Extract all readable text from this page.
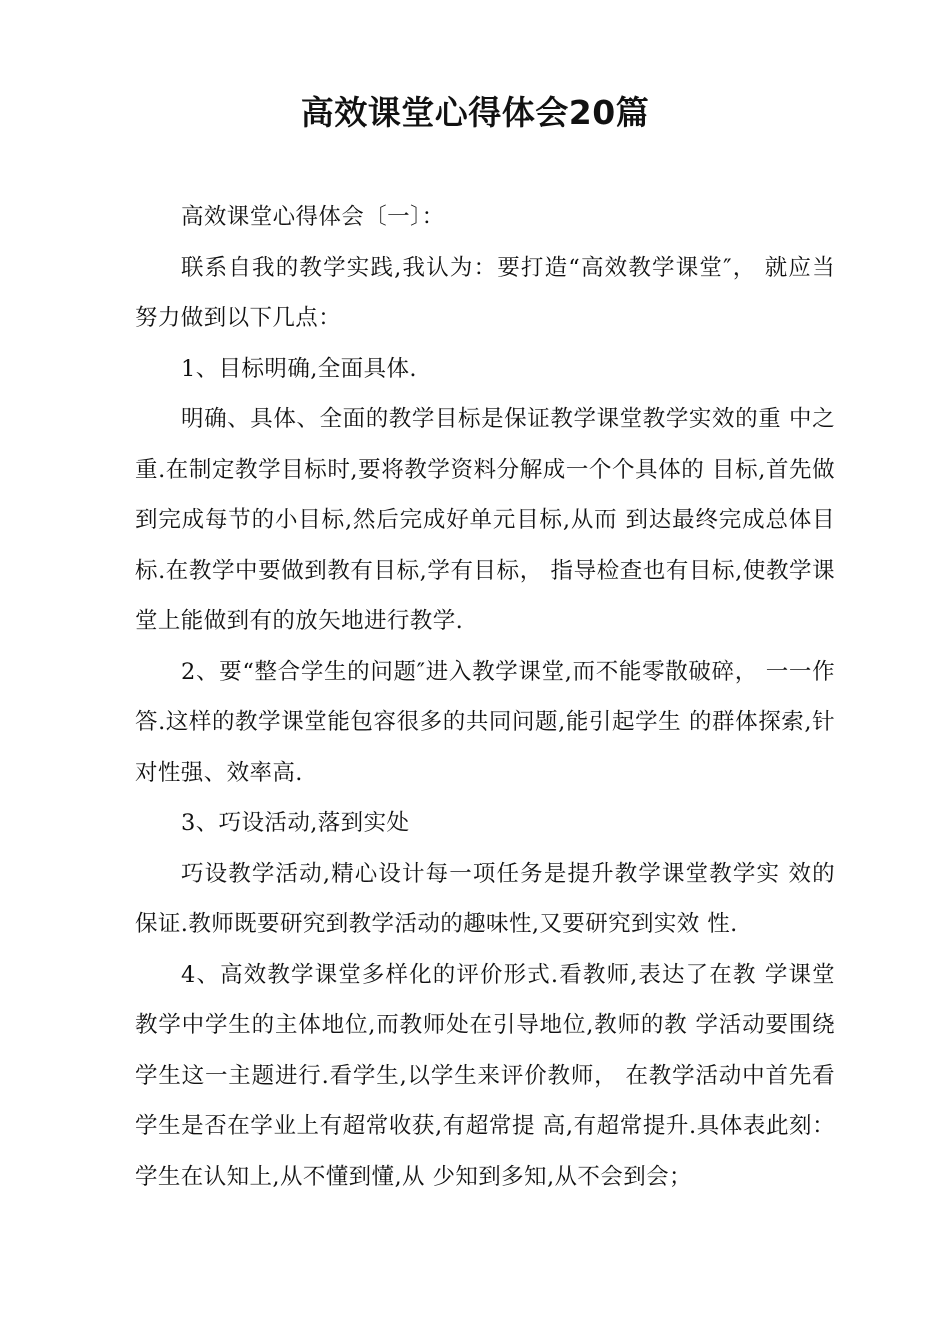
高效课堂心得体会20篇

高效课堂心得体会〔一〕：

联系自我的教学实践,我认为：要打造“高效教学课堂″， 就应当努力做到以下几点：

1、目标明确,全面具体.

明确、具体、全面的教学目标是保证教学课堂教学实效的重 中之重.在制定教学目标时,要将教学资料分解成一个个具体的 目标,首先做到完成每节的小目标,然后完成好单元目标,从而 到达最终完成总体目标.在教学中要做到教有目标,学有目标， 指导检查也有目标,使教学课堂上能做到有的放矢地进行教学.

2、要“整合学生的问题″进入教学课堂,而不能零散破碎， 一一作答.这样的教学课堂能包容很多的共同问题,能引起学生 的群体探索,针对性强、效率高.

3、巧设活动,落到实处

巧设教学活动,精心设计每一项任务是提升教学课堂教学实 效的保证.教师既要研究到教学活动的趣味性,又要研究到实效 性.

4、高效教学课堂多样化的评价形式.看教师,表达了在教 学课堂教学中学生的主体地位,而教师处在引导地位,教师的教 学活动要围绕学生这一主题进行.看学生,以学生来评价教师， 在教学活动中首先看学生是否在学业上有超常收获,有超常提 高,有超常提升.具体表此刻：学生在认知上,从不懂到懂,从 少知到多知,从不会到会；
